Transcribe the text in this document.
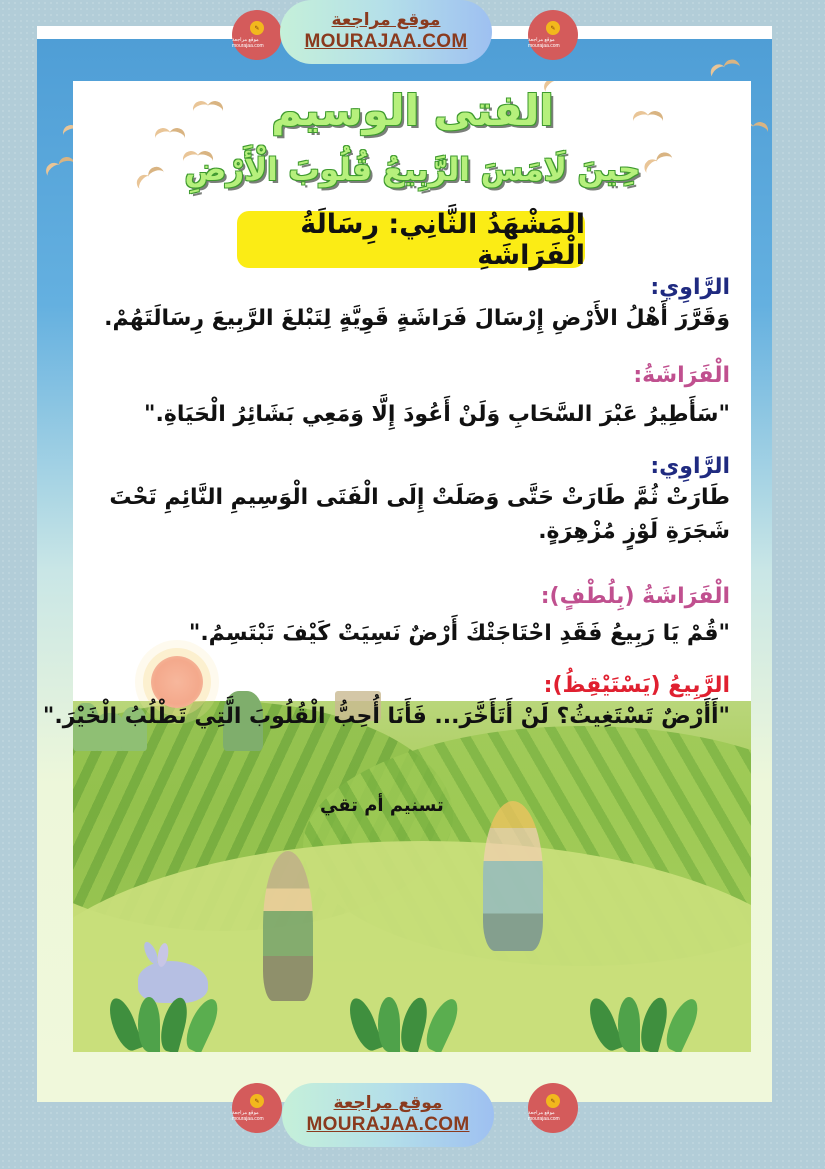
الفتى الوسيم
حِينَ لَامَسَ الرَّبِيعُ قُلُوبَ الْأَرْضِ
المَشْهَدُ الثَّانِي: رِسَالَةُ الْفَرَاشَةِ
الرَّاوِي:
وَقَرَّرَ أَهْلُ الأَرْضِ إِرْسَالَ فَرَاشَةٍ قَوِيَّةٍ لِتَبْلغَ الرَّبِيعَ رِسَالَتَهُمْ.
الْفَرَاشَةُ:
"سَأَطِيرُ عَبْرَ السَّحَابِ وَلَنْ أَعُودَ إِلَّا وَمَعِي بَشَائِرُ الْحَيَاةِ."
الرَّاوِي:
طَارَتْ ثُمَّ طَارَتْ حَتَّى وَصَلَتْ إِلَى الْفَتَى الْوَسِيمِ النَّائِمِ تَحْتَ شَجَرَةِ لَوْزٍ مُزْهِرَةٍ.
الْفَرَاشَةُ (بِلُطْفٍ):
"قُمْ يَا رَبِيعُ فَقَدِ احْتَاجَتْكَ أَرْضٌ نَسِيَتْ كَيْفَ تَبْتَسِمُ."
الرَّبِيعُ (يَسْتَيْقِظُ):
"أَأَرْضٌ تَسْتَغِيثُ؟ لَنْ أَتَأَخَّرَ... فَأَنَا أُحِبُّ الْقُلُوبَ الَّتِي تَطْلُبُ الْخَيْرَ."
تسنيم أم تقي
✎
موقع مراجعة mourajaa.com
موقع مراجعة
MOURAJAA.COM
✎
موقع مراجعة mourajaa.com
✎
موقع مراجعة mourajaa.com
موقع مراجعة
MOURAJAA.COM
✎
موقع مراجعة mourajaa.com
